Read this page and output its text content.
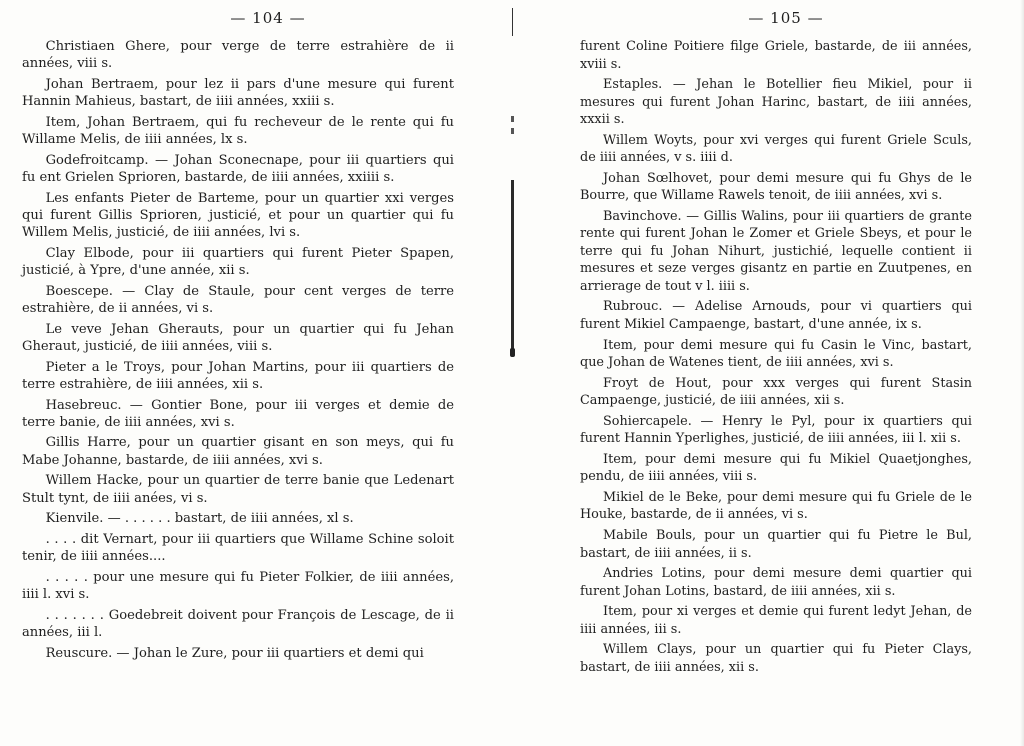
— 104 —

Christiaen Ghere, pour verge de terre estrahière de ii années, viii s.

Johan Bertraem, pour lez ii pars d'une mesure qui furent Hannin Mahieus, bastart, de iiii années, xxiii s.

Item, Johan Bertraem, qui fu recheveur de le rente qui fu Willame Melis, de iiii années, lx s.

Godefroitcamp. — Johan Sconecnape, pour iii quartiers qui fu ent Grielen Sprioren, bastarde, de iiii années, xxiiii s.

Les enfants Pieter de Barteme, pour un quartier xxi verges qui furent Gillis Sprioren, justicié, et pour un quartier qui fu Willem Melis, justicié, de iiii années, lvi s.

Clay Elbode, pour iii quartiers qui furent Pieter Spapen, justicié, à Ypre, d'une année, xii s.

Boescepe. — Clay de Staule, pour cent verges de terre estrahière, de ii années, vi s.

Le veve Jehan Gherauts, pour un quartier qui fu Jehan Gheraut, justicié, de iiii années, viii s.

Pieter a le Troys, pour Johan Martins, pour iii quartiers de terre estrahière, de iiii années, xii s.

Hasebreuc. — Gontier Bone, pour iii verges et demie de terre banie, de iiii années, xvi s.

Gillis Harre, pour un quartier gisant en son meys, qui fu Mabe Johanne, bastarde, de iiii années, xvi s.

Willem Hacke, pour un quartier de terre banie que Ledenart Stult tynt, de iiii anées, vi s.

Kienvile. — . . . . . . bastart, de iiii années, xl s.

. . . . dit Vernart, pour iii quartiers que Willame Schine soloit tenir, de iiii années....

. . . . . pour une mesure qui fu Pieter Folkier, de iiii années, iiii l. xvi s.

. . . . . . . Goedebreit doivent pour François de Lescage, de ii années, iii l.

Reuscure. — Johan le Zure, pour iii quartiers et demi qui

— 105 —

furent Coline Poitiere filge Griele, bastarde, de iii années, xviii s.

Estaples. — Jehan le Botellier fieu Mikiel, pour ii mesures qui furent Johan Harinc, bastart, de iiii années, xxxii s.

Willem Woyts, pour xvi verges qui furent Griele Sculs, de iiii années, v s. iiii d.

Johan Sœlhovet, pour demi mesure qui fu Ghys de le Bourre, que Willame Rawels tenoit, de iiii années, xvi s.

Bavinchove. — Gillis Walins, pour iii quartiers de grante rente qui furent Johan le Zomer et Griele Sbeys, et pour le terre qui fu Johan Nihurt, justichié, lequelle contient ii mesures et seze verges gisantz en partie en Zuutpenes, en arrierage de tout v l. iiii s.

Rubrouc. — Adelise Arnouds, pour vi quartiers qui furent Mikiel Campaenge, bastart, d'une année, ix s.

Item, pour demi mesure qui fu Casin le Vinc, bastart, que Johan de Watenes tient, de iiii années, xvi s.

Froyt de Hout, pour xxx verges qui furent Stasin Campaenge, justicié, de iiii années, xii s.

Sohiercapele. — Henry le Pyl, pour ix quartiers qui furent Hannin Yperlighes, justicié, de iiii années, iii l. xii s.

Item, pour demi mesure qui fu Mikiel Quaetjonghes, pendu, de iiii années, viii s.

Mikiel de le Beke, pour demi mesure qui fu Griele de le Houke, bastarde, de ii années, vi s.

Mabile Bouls, pour un quartier qui fu Pietre le Bul, bastart, de iiii années, ii s.

Andries Lotins, pour demi mesure demi quartier qui furent Johan Lotins, bastard, de iiii années, xii s.

Item, pour xi verges et demie qui furent ledyt Jehan, de iiii années, iii s.

Willem Clays, pour un quartier qui fu Pieter Clays, bastart, de iiii années, xii s.
